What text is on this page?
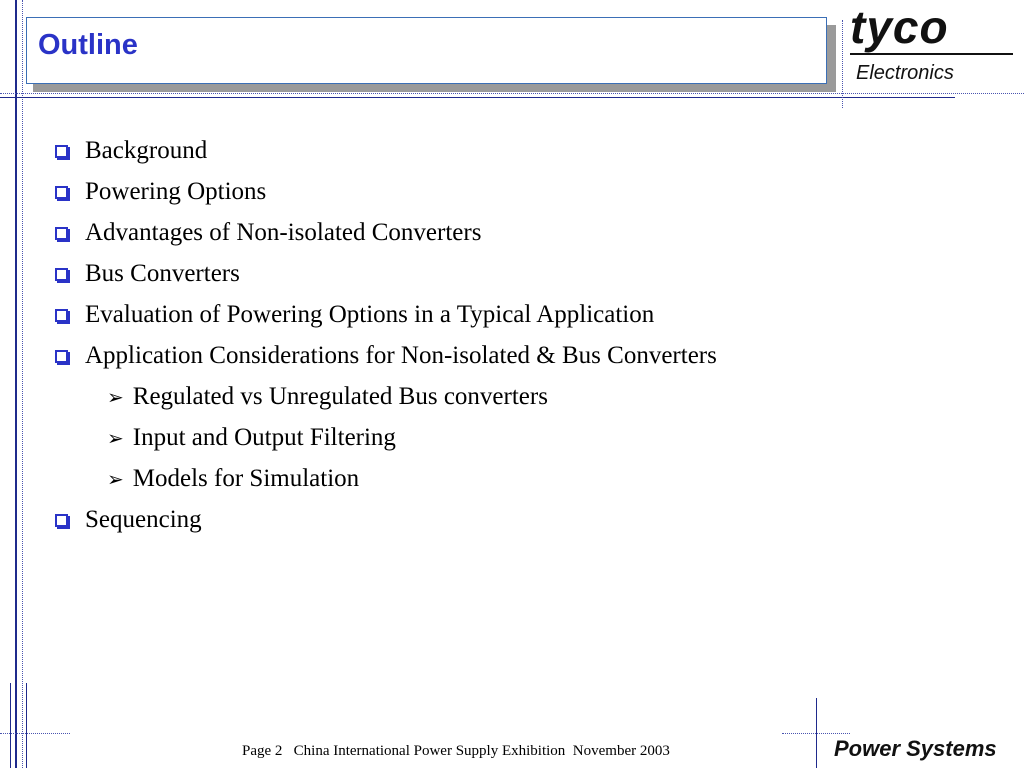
Outline	tyco
Electronics
Background
Powering Options
Advantages of Non-isolated Converters
Bus Converters
Evaluation of Powering Options in a Typical Application
Application Considerations for Non-isolated & Bus Converters
➢ Regulated vs Unregulated Bus converters
➢ Input and Output Filtering
➢ Models for Simulation
Sequencing
Page 2   China International Power Supply Exhibition  November 2003	Power Systems
